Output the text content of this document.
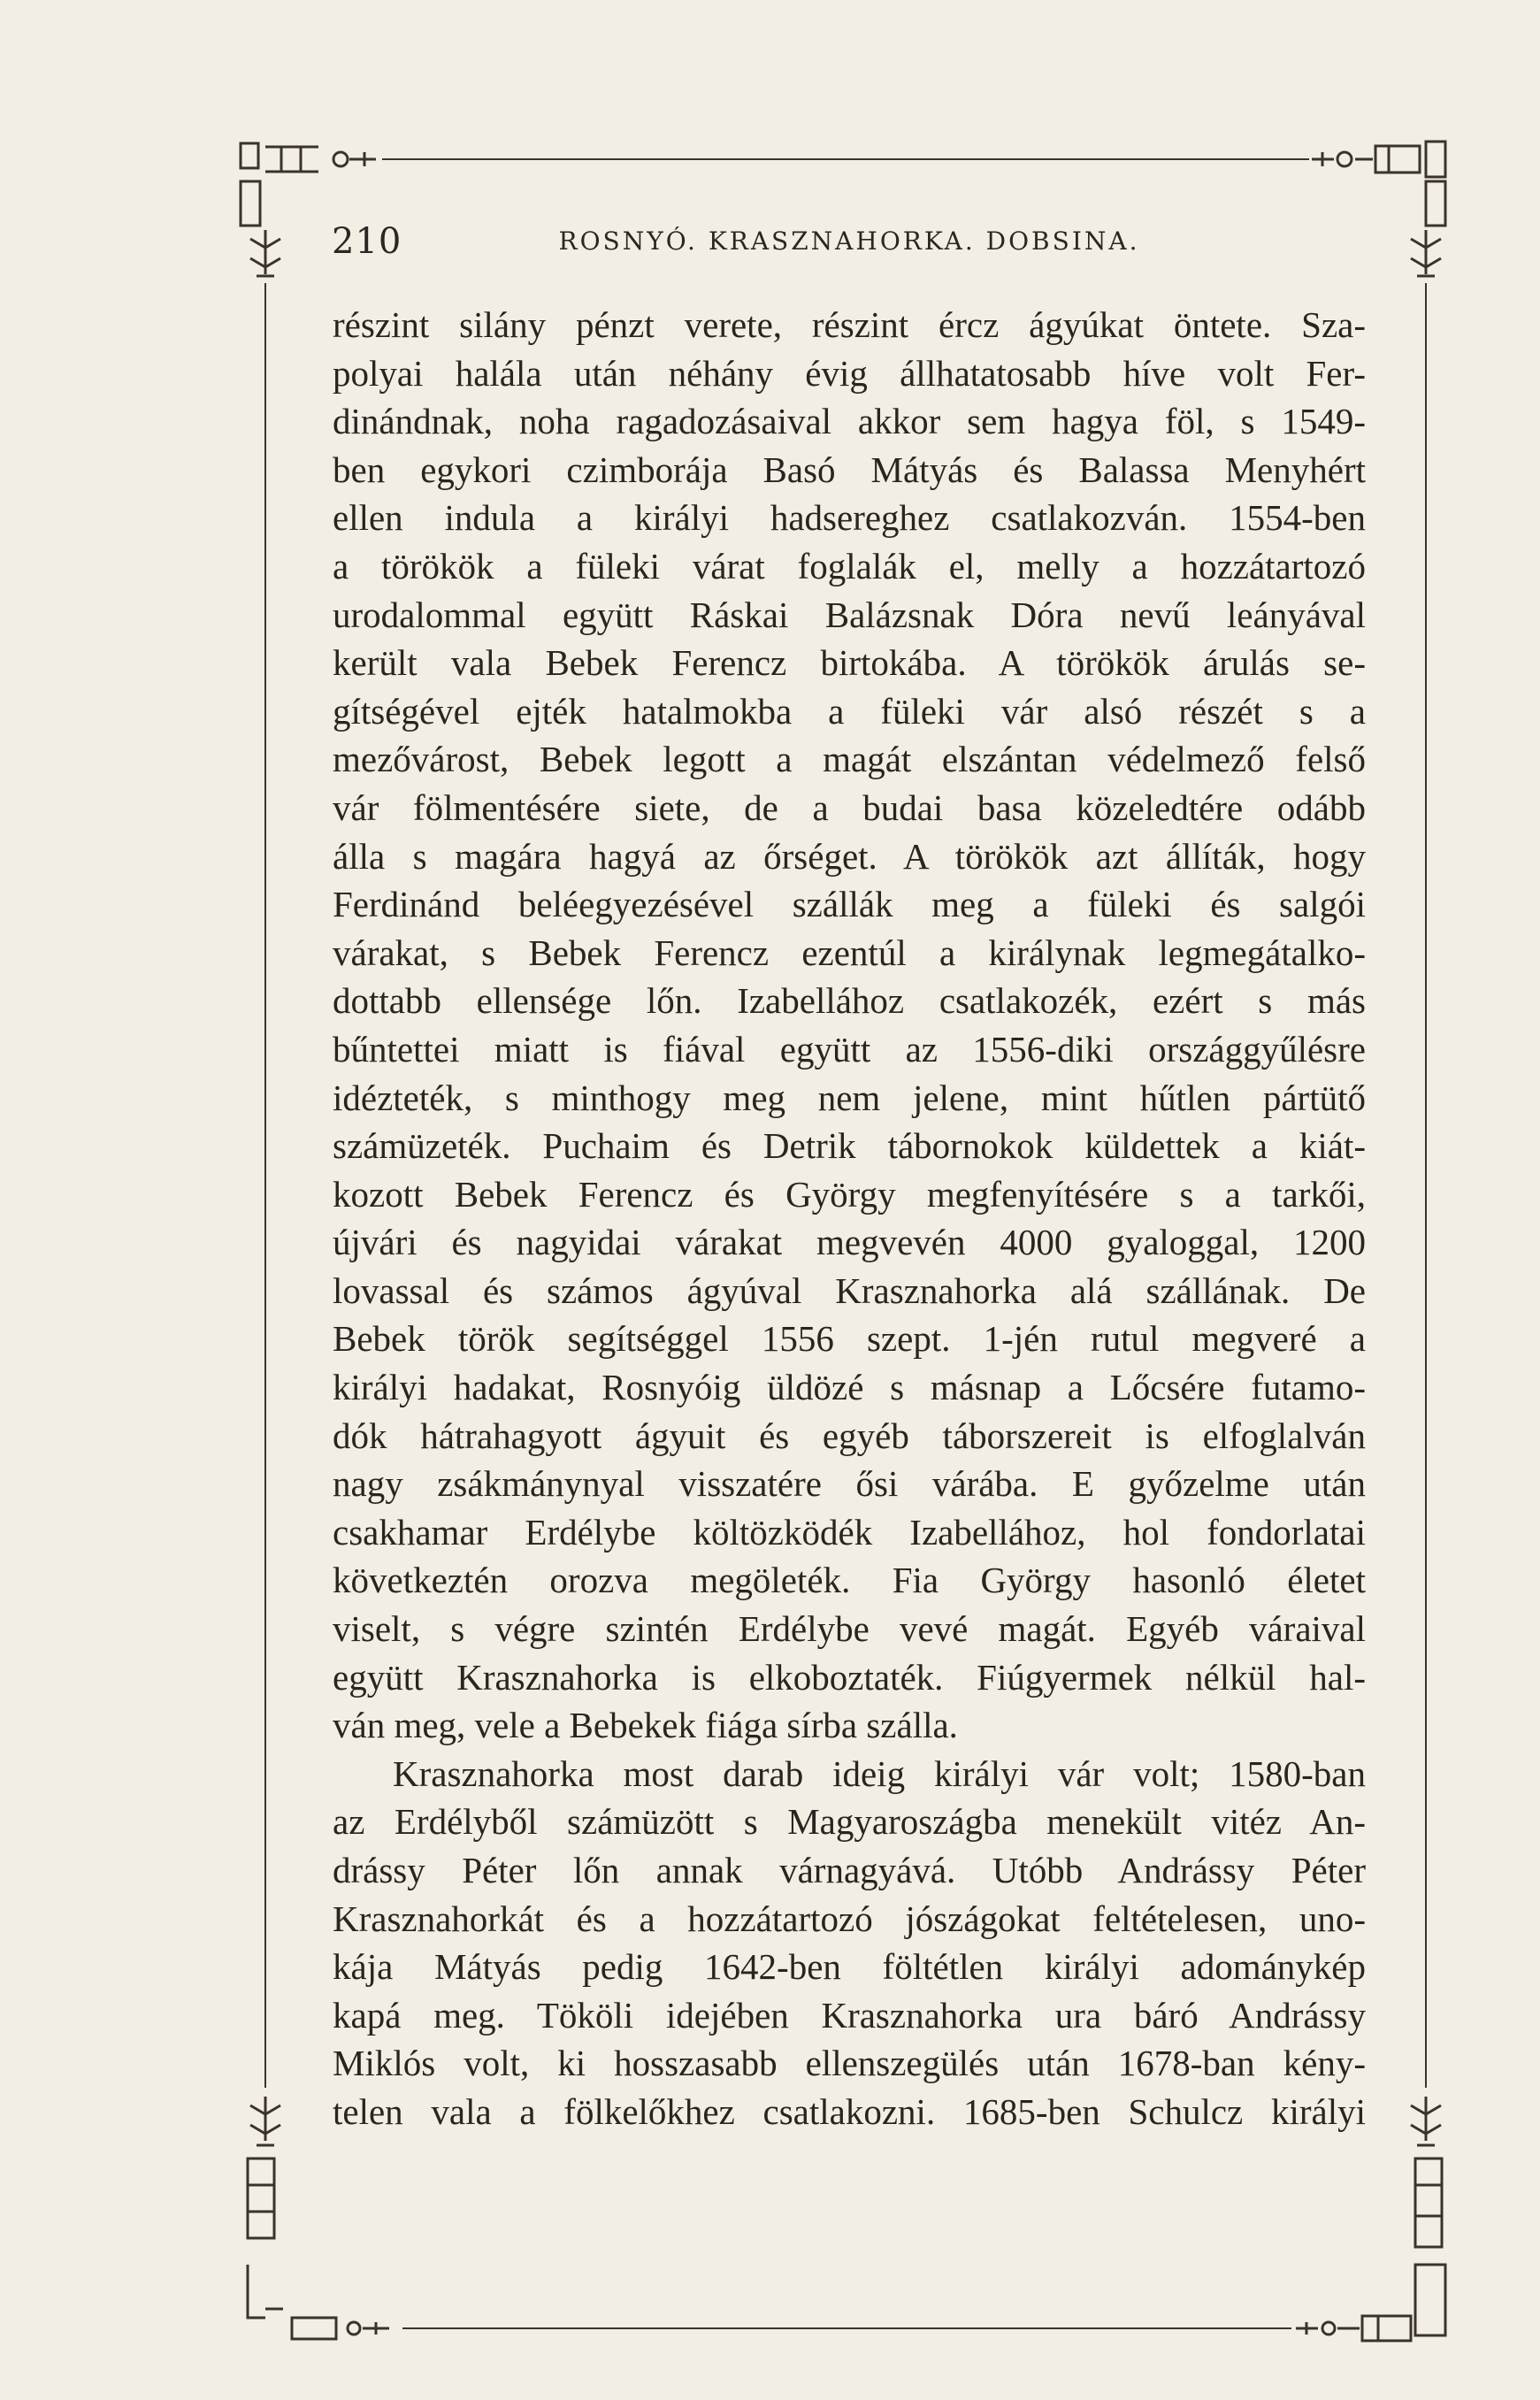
210	ROSNYÓ. KRASZNAHORKA. DOBSINA.
részint silány pénzt verete, részint ércz ágyúkat öntete. Sza-
polyai halála után néhány évig állhatatosabb híve volt Fer-
dinándnak, noha ragadozásaival akkor sem hagya föl, s 1549-
ben egykori czimborája Basó Mátyás és Balassa Menyhért
ellen indula a királyi hadsereghez csatlakozván. 1554-ben
a törökök a füleki várat foglalák el, melly a hozzátartozó
urodalommal együtt Ráskai Balázsnak Dóra nevű leányával
került vala Bebek Ferencz birtokába. A törökök árulás se-
gítségével ejték hatalmokba a füleki vár alsó részét s a
mezővárost, Bebek legott a magát elszántan védelmező felső
vár fölmentésére siete, de a budai basa közeledtére odább
álla s magára hagyá az őrséget. A törökök azt állíták, hogy
Ferdinánd beléegyezésével szállák meg a füleki és salgói
várakat, s Bebek Ferencz ezentúl a királynak legmegátalko-
dottabb ellensége lőn. Izabellához csatlakozék, ezért s más
bűntettei miatt is fiával együtt az 1556-diki országgyűlésre
idézteték, s minthogy meg nem jelene, mint hűtlen pártütő
számüzeték. Puchaim és Detrik tábornokok küldettek a kiát-
kozott Bebek Ferencz és György megfenyítésére s a tarkői,
újvári és nagyidai várakat megvevén 4000 gyaloggal, 1200
lovassal és számos ágyúval Krasznahorka alá szállának. De
Bebek török segítséggel 1556 szept. 1-jén rutul megveré a
királyi hadakat, Rosnyóig üldözé s másnap a Lőcsére futamo-
dók hátrahagyott ágyuit és egyéb táborszereit is elfoglalván
nagy zsákmánynyal visszatére ősi várába. E győzelme után
csakhamar Erdélybe költözködék Izabellához, hol fondorlatai
következtén orozva megöleték. Fia György hasonló életet
viselt, s végre szintén Erdélybe vevé magát. Egyéb váraival
együtt Krasznahorka is elkoboztaték. Fiúgyermek nélkül hal-
ván meg, vele a Bebekek fiága sírba szálla.
Krasznahorka most darab ideig királyi vár volt; 1580-ban
az Erdélyből számüzött s Magyaroszágba menekült vitéz An-
drássy Péter lőn annak várnagyává. Utóbb Andrássy Péter
Krasznahorkát és a hozzátartozó jószágokat feltételesen, uno-
kája Mátyás pedig 1642-ben föltétlen királyi adománykép
kapá meg. Tököli idejében Krasznahorka ura báró Andrássy
Miklós volt, ki hosszasabb ellenszegülés után 1678-ban kény-
telen vala a fölkelőkhez csatlakozni. 1685-ben Schulcz királyi
